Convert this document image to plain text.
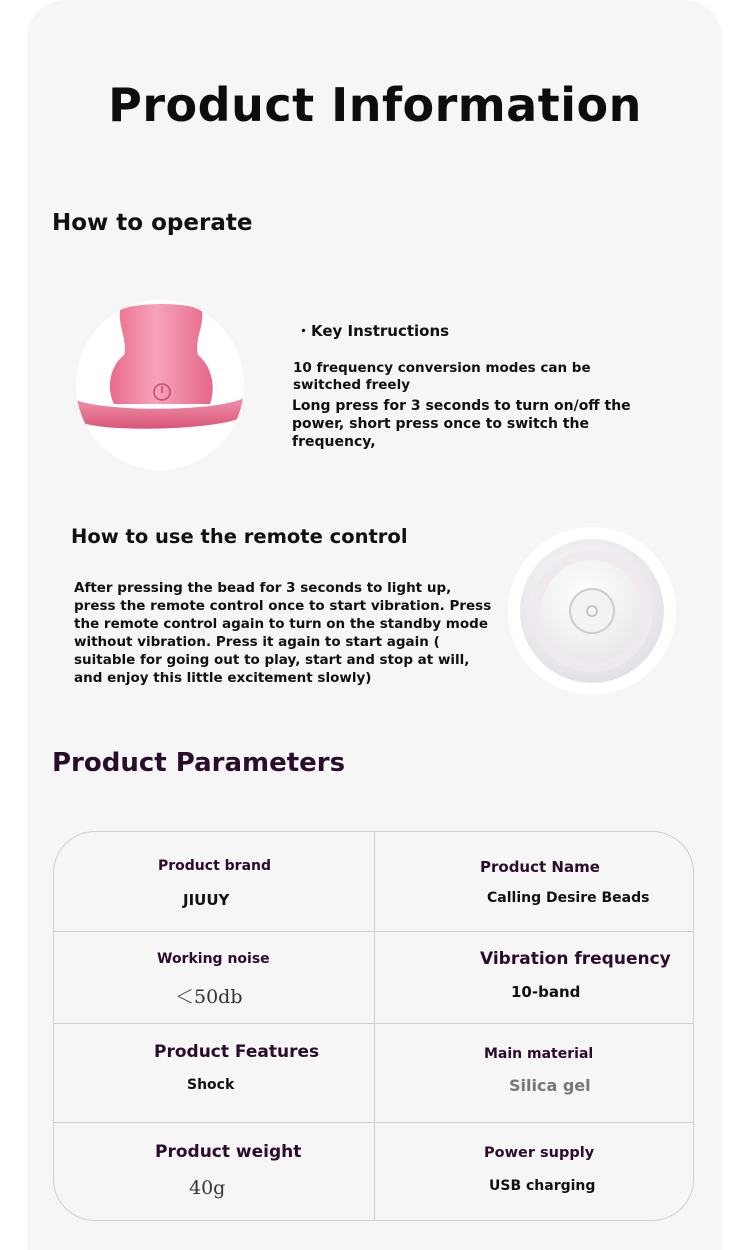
Product Information
How to operate
・Key Instructions
10 frequency conversion modes can be switched freely
Long press for 3 seconds to turn on/off the power, short press once to switch the frequency,
How to use the remote control
After pressing the bead for 3 seconds to light up, press the remote control once to start vibration. Press the remote control again to turn on the standby mode without vibration. Press it again to start again ( suitable for going out to play, start and stop at will, and enjoy this little excitement slowly)
Product Parameters
Product brand
JIUUY
Product Name
Calling Desire Beads
Working noise
＜50db
Vibration frequency
10-band
Product Features
Shock
Main material
Silica gel
Product weight
40g
Power supply
USB charging
